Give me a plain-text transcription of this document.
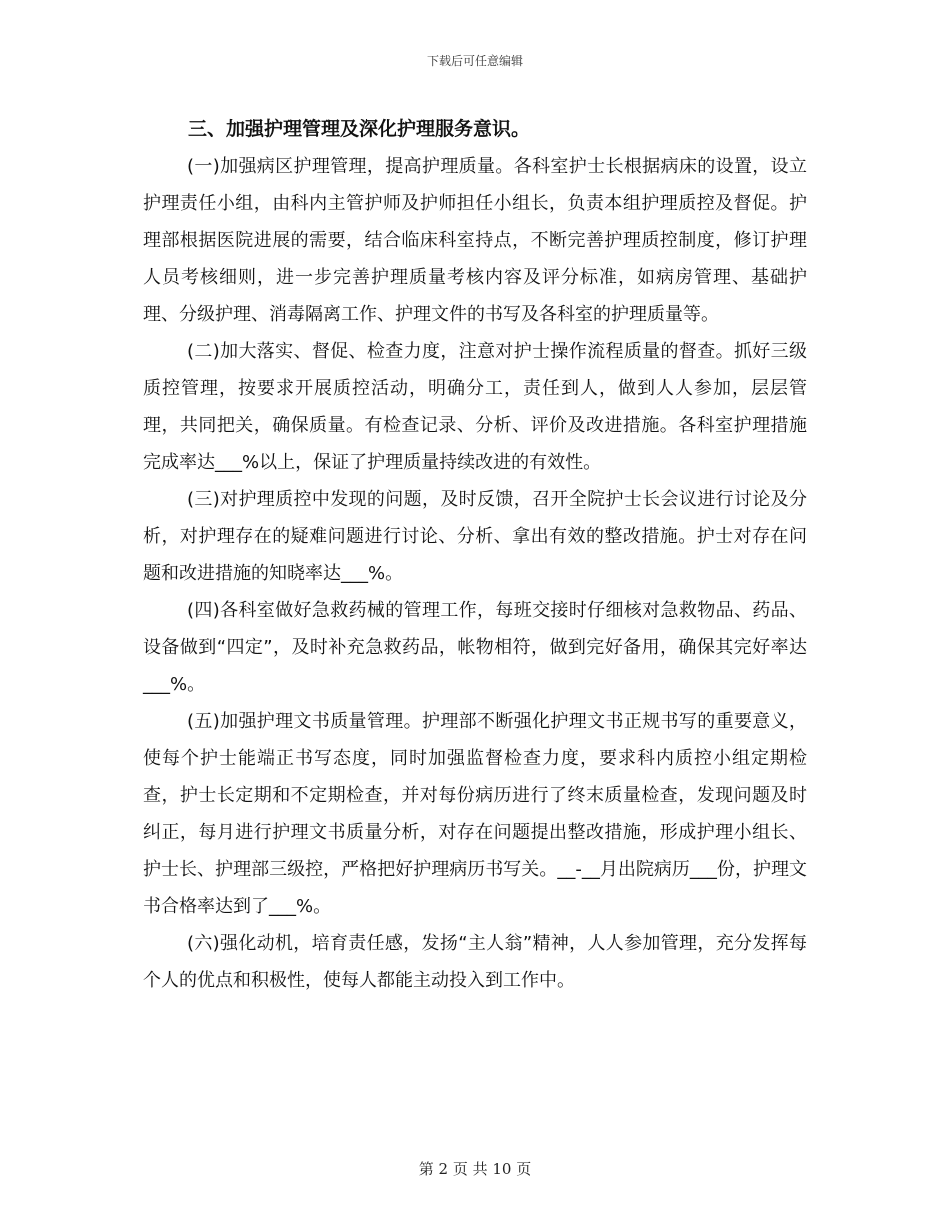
下载后可任意编辑

三、加强护理管理及深化护理服务意识。

(一)加强病区护理管理，提高护理质量。各科室护士长根据病床的设置，设立护理责任小组，由科内主管护师及护师担任小组长，负责本组护理质控及督促。护理部根据医院进展的需要，结合临床科室持点，不断完善护理质控制度，修订护理人员考核细则，进一步完善护理质量考核内容及评分标准，如病房管理、基础护理、分级护理、消毒隔离工作、护理文件的书写及各科室的护理质量等。

(二)加大落实、督促、检查力度，注意对护士操作流程质量的督查。抓好三级质控管理，按要求开展质控活动，明确分工，责任到人，做到人人参加，层层管理，共同把关，确保质量。有检查记录、分析、评价及改进措施。各科室护理措施完成率达___%以上，保证了护理质量持续改进的有效性。

(三)对护理质控中发现的问题，及时反馈，召开全院护士长会议进行讨论及分析，对护理存在的疑难问题进行讨论、分析、拿出有效的整改措施。护士对存在问题和改进措施的知晓率达___%。

(四)各科室做好急救药械的管理工作，每班交接时仔细核对急救物品、药品、设备做到“四定”，及时补充急救药品，帐物相符，做到完好备用，确保其完好率达___%。

(五)加强护理文书质量管理。护理部不断强化护理文书正规书写的重要意义，使每个护士能端正书写态度，同时加强监督检查力度，要求科内质控小组定期检查，护士长定期和不定期检查，并对每份病历进行了终末质量检查，发现问题及时纠正，每月进行护理文书质量分析，对存在问题提出整改措施，形成护理小组长、护士长、护理部三级控，严格把好护理病历书写关。__-__月出院病历___份，护理文书合格率达到了___%。

(六)强化动机，培育责任感，发扬“主人翁”精神，人人参加管理，充分发挥每个人的优点和积极性，使每人都能主动投入到工作中。

第 2 页 共 10 页
